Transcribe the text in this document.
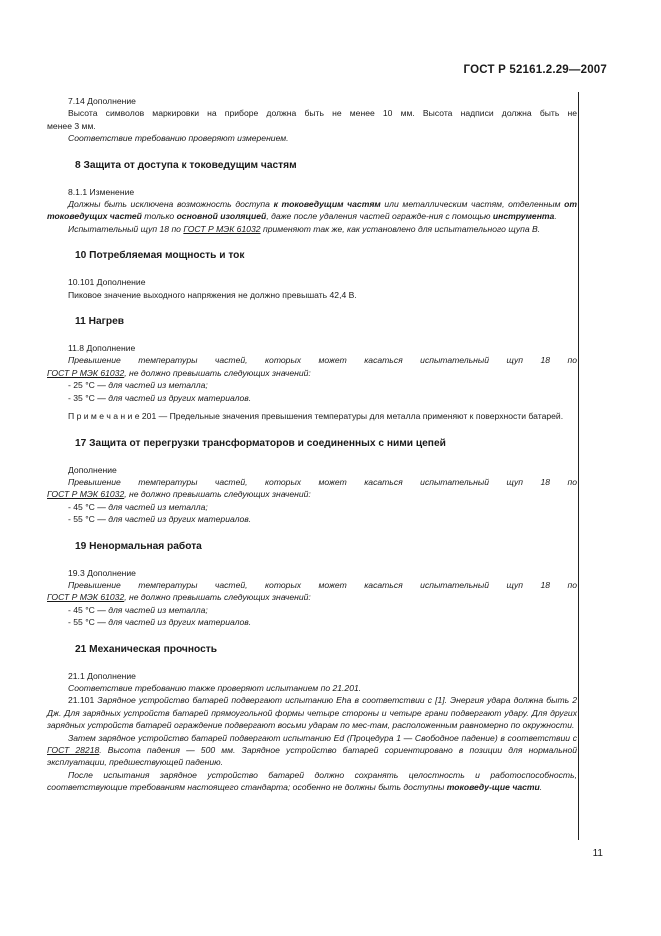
ГОСТ Р 52161.2.29—2007

7.14 Дополнение

Высота символов маркировки на приборе должна быть не менее 10 мм. Высота надписи должна быть не

менее 3 мм.

Соответствие требованию проверяют измерением.

8 Защита от доступа к токоведущим частям

8.1.1 Изменение

Должны быть исключена возможность доступа к токоведущим частям или металлическим частям, отделенным от токоведущих частей только основной изоляцией, даже после удаления частей огражде-ния с помощью инструмента.

Испытательный щуп 18 по ГОСТ Р МЭК 61032 применяют так же, как установлено для испытательного щупа В.

10 Потребляемая мощность и ток

10.101 Дополнение

Пиковое значение выходного напряжения не должно превышать 42,4 В.

11 Нагрев

11.8 Дополнение

Превышение температуры частей, которых может касаться испытательный щуп 18 по

ГОСТ Р МЭК 61032, не должно превышать следующих значений:

- 25 °С — для частей из металла;

- 35 °С — для частей из других материалов.

П р и м е ч а н и е 201 — Предельные значения превышения температуры для металла применяют к поверхности батарей.

17 Защита от перегрузки трансформаторов и соединенных с ними цепей

Дополнение

Превышение температуры частей, которых может касаться испытательный щуп 18 по

ГОСТ Р МЭК 61032, не должно превышать следующих значений:

- 45 °С — для частей из металла;

- 55 °С — для частей из других материалов.

19 Ненормальная работа

19.3 Дополнение

Превышение температуры частей, которых может касаться испытательный щуп 18 по

ГОСТ Р МЭК 61032, не должно превышать следующих значений:

- 45 °С — для частей из металла;

- 55 °С — для частей из других материалов.

21 Механическая прочность

21.1 Дополнение

Соответствие требованию также проверяют испытанием по 21.201.

21.101 Зарядное устройство батарей подвергают испытанию Eha в соответствии с [1]. Энергия удара должна быть 2 Дж. Для зарядных устройств батарей прямоугольной формы четыре стороны и четыре грани подвергают удару. Для других зарядных устройств батарей ограждение подвергают восьми ударам по мес-там, расположенным равномерно по окружности.

Затем зарядное устройство батарей подвергают испытанию Ed (Процедура 1 — Свободное падение) в соответствии с ГОСТ 28218. Высота падения — 500 мм. Зарядное устройство батарей сориентировано в позиции для нормальной эксплуатации, предшествующей падению.

После испытания зарядное устройство батарей должно сохранять целостность и работоспособность, соответствующие требованиям настоящего стандарта; особенно не должны быть доступны токоведу-щие части.

11
